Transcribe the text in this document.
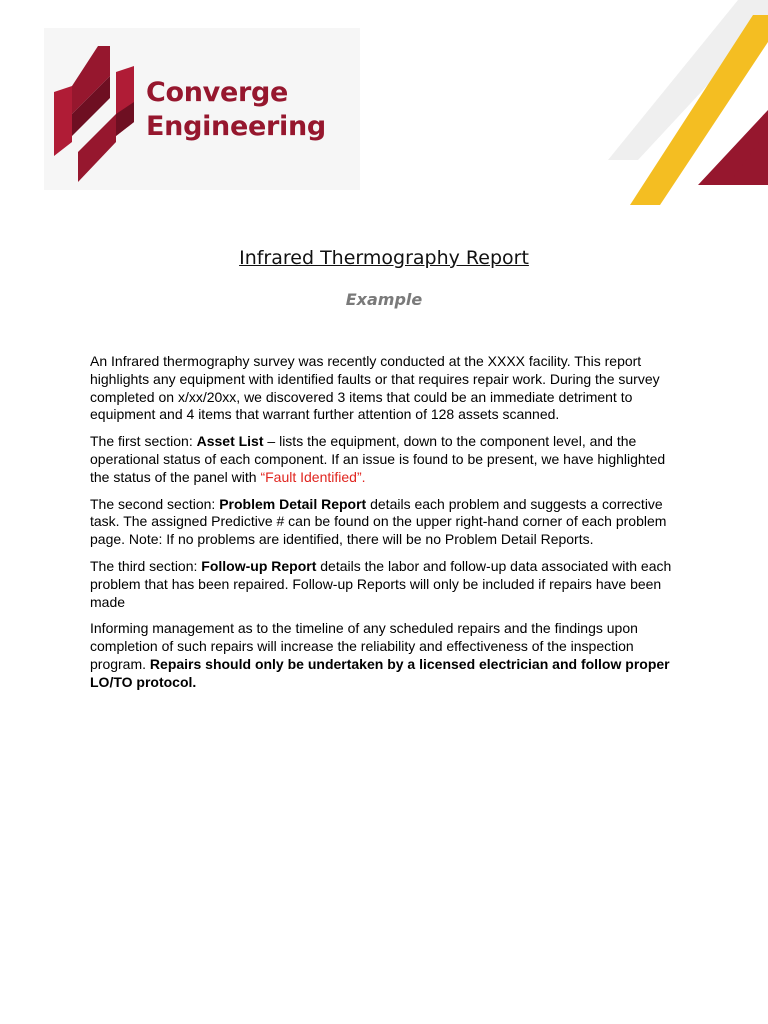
Converge
Engineering
Infrared Thermography Report
Example

An Infrared thermography survey was recently conducted at the XXXX facility. This report highlights any equipment with identified faults or that requires repair work. During the survey completed on x/xx/20xx, we discovered 3 items that could be an immediate detriment to equipment and 4 items that warrant further attention of 128 assets scanned.

The first section: Asset List – lists the equipment, down to the component level, and the operational status of each component. If an issue is found to be present, we have highlighted the status of the panel with “Fault Identified”.

The second section: Problem Detail Report details each problem and suggests a corrective task. The assigned Predictive # can be found on the upper right-hand corner of each problem page. Note: If no problems are identified, there will be no Problem Detail Reports.

The third section: Follow-up Report details the labor and follow-up data associated with each problem that has been repaired. Follow-up Reports will only be included if repairs have been made

Informing management as to the timeline of any scheduled repairs and the findings upon completion of such repairs will increase the reliability and effectiveness of the inspection program. Repairs should only be undertaken by a licensed electrician and follow proper LO/TO protocol.
